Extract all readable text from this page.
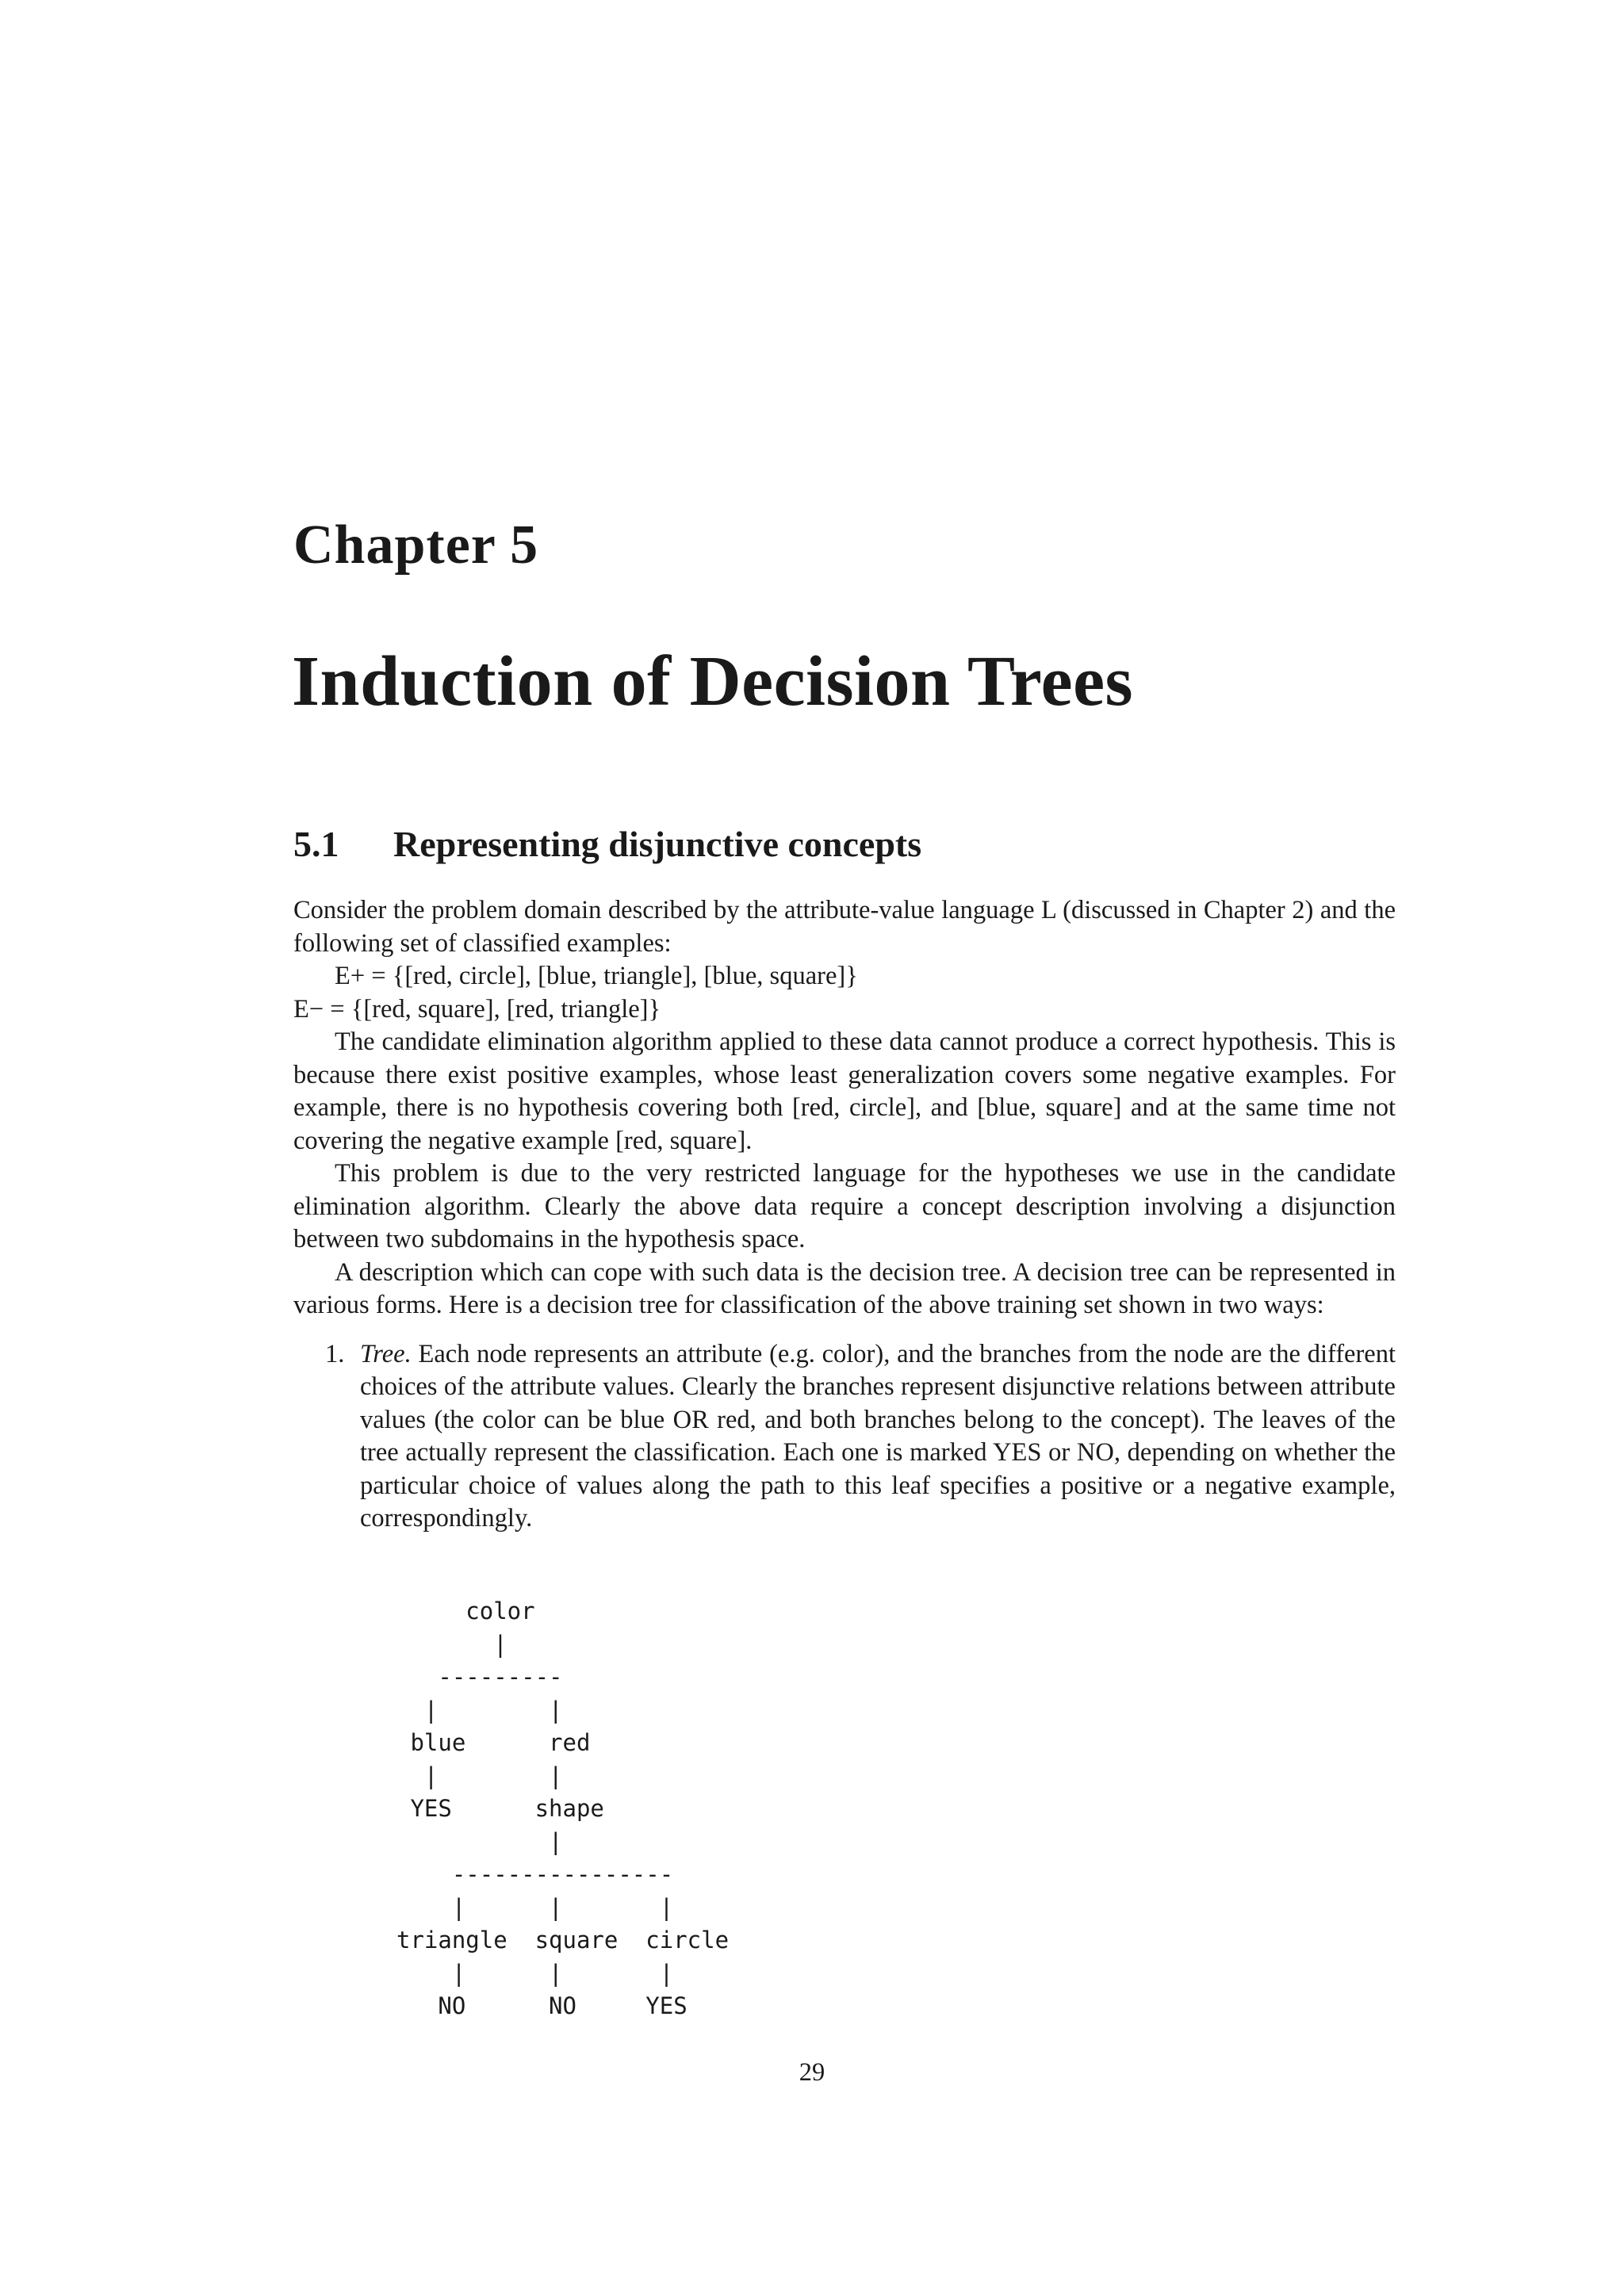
Chapter 5
Induction of Decision Trees
5.1 Representing disjunctive concepts

Consider the problem domain described by the attribute-value language L (discussed in Chapter 2) and the following set of classified examples:

E+ = {[red, circle], [blue, triangle], [blue, square]}

E− = {[red, square], [red, triangle]}

The candidate elimination algorithm applied to these data cannot produce a correct hypothesis. This is because there exist positive examples, whose least generalization covers some negative examples. For example, there is no hypothesis covering both [red, circle], and [blue, square] and at the same time not covering the negative example [red, square].

This problem is due to the very restricted language for the hypotheses we use in the candidate elimination algorithm. Clearly the above data require a concept description involving a disjunction between two subdomains in the hypothesis space.

A description which can cope with such data is the decision tree. A decision tree can be represented in various forms. Here is a decision tree for classification of the above training set shown in two ways:

1. Tree. Each node represents an attribute (e.g. color), and the branches from the node are the different choices of the attribute values. Clearly the branches represent disjunctive relations between attribute values (the color can be blue OR red, and both branches belong to the concept). The leaves of the tree actually represent the classification. Each one is marked YES or NO, depending on whether the particular choice of values along the path to this leaf specifies a positive or a negative example, correspondingly.
color
|
---------
|        |
blue      red
|        |
YES      shape
|
----------------
|      |       |
triangle  square  circle
|      |       |
NO      NO     YES
29
